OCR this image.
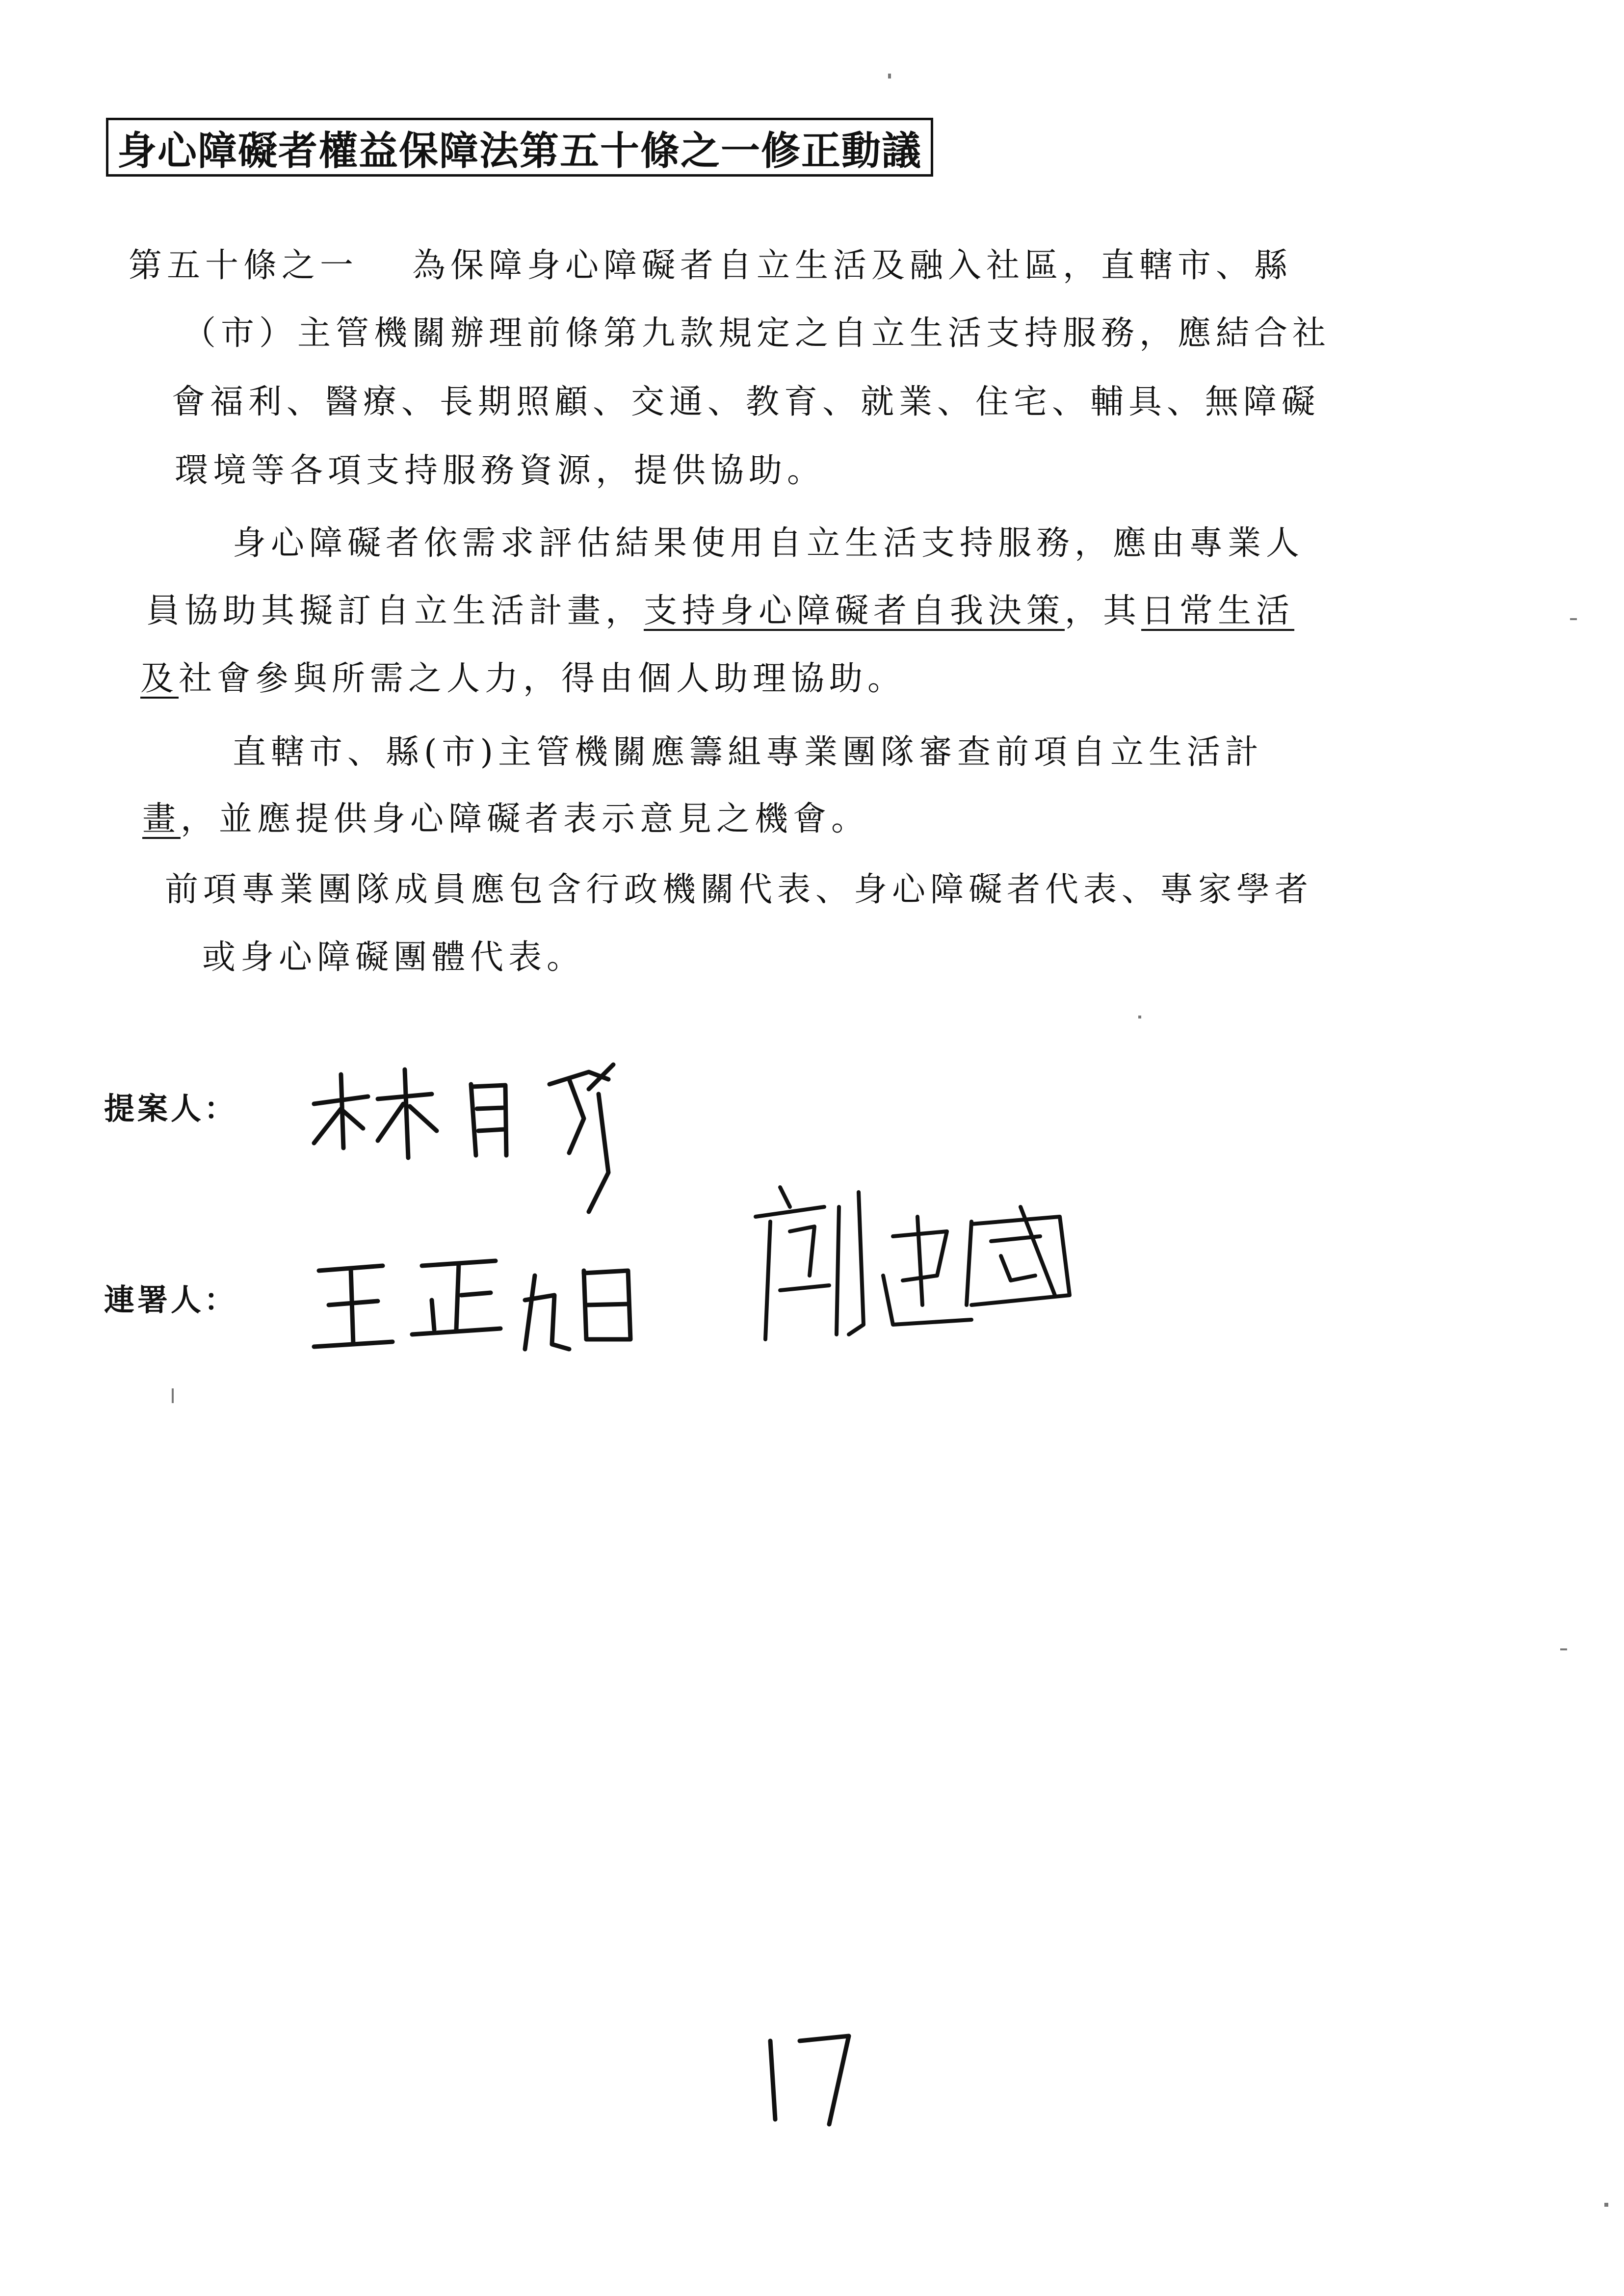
身心障礙者權益保障法第五十條之一修正動議
第五十條之一 為保障身心障礙者自立生活及融入社區，直轄市、縣
（市）主管機關辦理前條第九款規定之自立生活支持服務，應結合社
會福利、醫療、長期照顧、交通、教育、就業、住宅、輔具、無障礙
環境等各項支持服務資源，提供協助。
身心障礙者依需求評估結果使用自立生活支持服務，應由專業人
員協助其擬訂自立生活計畫，支持身心障礙者自我決策，其日常生活
及社會參與所需之人力，得由個人助理協助。
直轄市、縣(市)主管機關應籌組專業團隊審查前項自立生活計
畫，並應提供身心障礙者表示意見之機會。
前項專業團隊成員應包含行政機關代表、身心障礙者代表、專家學者
或身心障礙團體代表。
提案人：
連署人：
